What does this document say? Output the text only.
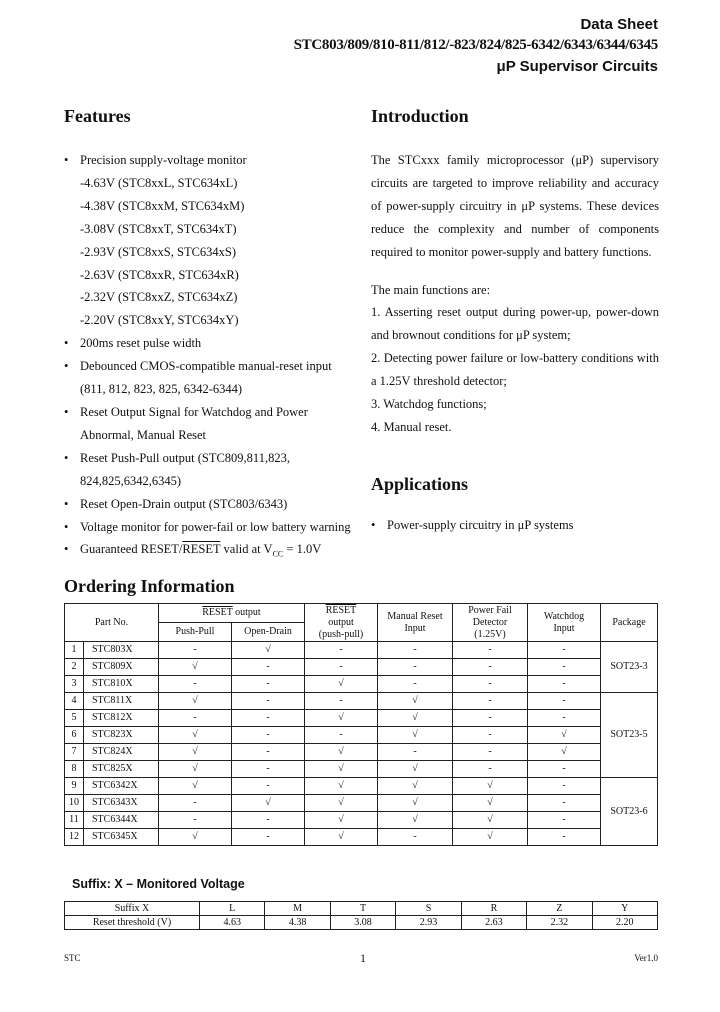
Data Sheet
STC803/809/810-811/812/-823/824/825-6342/6343/6344/6345
μP Supervisor Circuits
Features
• Precision supply-voltage monitor
-4.63V (STC8xxL, STC634xL)
-4.38V (STC8xxM, STC634xM)
-3.08V (STC8xxT, STC634xT)
-2.93V (STC8xxS, STC634xS)
-2.63V (STC8xxR, STC634xR)
-2.32V (STC8xxZ, STC634xZ)
-2.20V (STC8xxY, STC634xY)
• 200ms reset pulse width
• Debounced CMOS-compatible manual-reset input
(811, 812, 823, 825, 6342-6344)
• Reset Output Signal for Watchdog and Power
Abnormal, Manual Reset
• Reset Push-Pull output (STC809,811,823,
824,825,6342,6345)
• Reset Open-Drain output (STC803/6343)
• Voltage monitor for power-fail or low battery warning
• Guaranteed RESET/RESET valid at $V_{CC} = 1.0V$
Introduction

The STCxxx family microprocessor (μP) supervisory circuits are targeted to improve reliability and accuracy of power-supply circuitry in μP systems. These devices reduce the complexity and number of components required to monitor power-supply and battery functions.

The main functions are:

1. Asserting reset output during power-up, power-down and brownout conditions for μP system;

2. Detecting power failure or low-battery conditions with a 1.25V threshold detector;

3. Watchdog functions;

4. Manual reset.

Applications
• Power-supply circuitry in μP systems
Ordering Information
Part No.		RESET output		RESET
output
(push-pull)	Manual Reset
Input	Power Fail
Detector
(1.25V)	Watchdog
Input	Package
		Push-Pull	Open-Drain					
1	STC803X	-	√	-	-	-	-	SOT23-3
2	STC809X	√	-	-	-	-	-	
3	STC810X	-	-	√	-	-	-	
4	STC811X	√	-	-	√	-	-	SOT23-5
5	STC812X	-	-	√	√	-	-	
6	STC823X	√	-	-	√	-	√	
7	STC824X	√	-	√	-	-	√	
8	STC825X	√	-	√	√	-	-	
9	STC6342X	√	-	√	√	√	-	SOT23-6
10	STC6343X	-	√	√	√	√	-	
11	STC6344X	-	-	√	√	√	-	
12	STC6345X	√	-	√	-	√	-	
Suffix: X – Monitored Voltage
Suffix X	L	M	T	S	R	Z	Y
Reset threshold (V)	4.63	4.38	3.08	2.93	2.63	2.32	2.20
STC	1	Ver1.0
